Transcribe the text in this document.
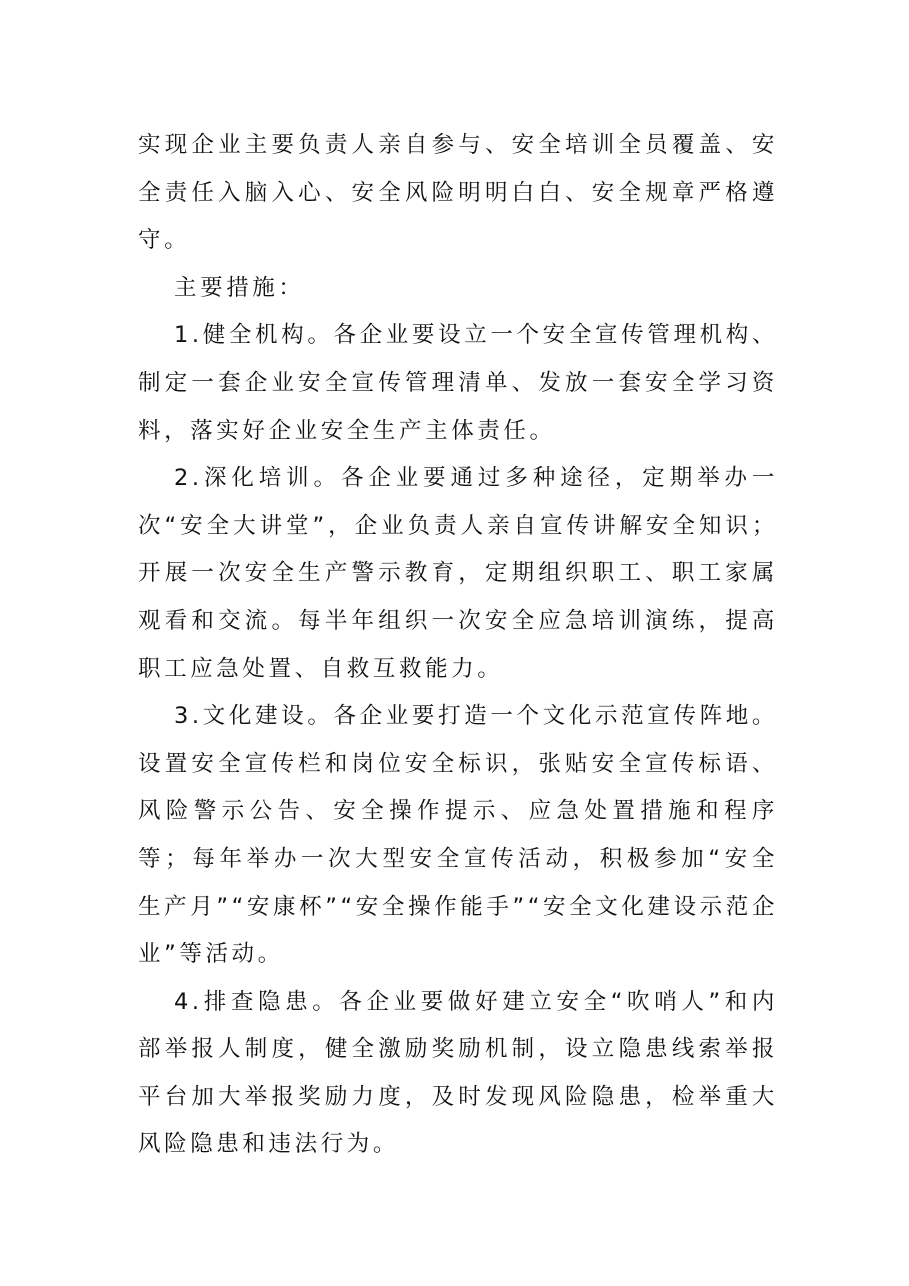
实现企业主要负责人亲自参与、安全培训全员覆盖、安全责任入脑入心、安全风险明明白白、安全规章严格遵守。

主要措施：

1.健全机构。各企业要设立一个安全宣传管理机构、制定一套企业安全宣传管理清单、发放一套安全学习资料，落实好企业安全生产主体责任。

2.深化培训。各企业要通过多种途径，定期举办一次“安全大讲堂”，企业负责人亲自宣传讲解安全知识；开展一次安全生产警示教育，定期组织职工、职工家属观看和交流。每半年组织一次安全应急培训演练，提高职工应急处置、自救互救能力。

3.文化建设。各企业要打造一个文化示范宣传阵地。设置安全宣传栏和岗位安全标识，张贴安全宣传标语、风险警示公告、安全操作提示、应急处置措施和程序等；每年举办一次大型安全宣传活动，积极参加“安全生产月”“安康杯”“安全操作能手”“安全文化建设示范企业”等活动。

4.排查隐患。各企业要做好建立安全“吹哨人”和内部举报人制度，健全激励奖励机制，设立隐患线索举报平台加大举报奖励力度，及时发现风险隐患，检举重大风险隐患和违法行为。
